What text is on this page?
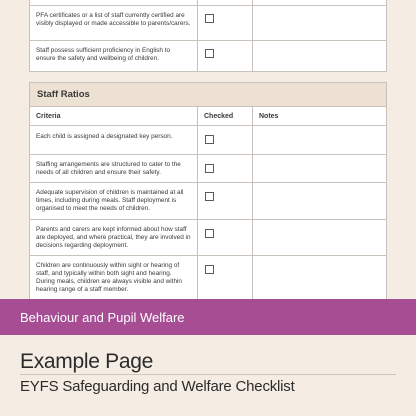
PFA certificates or a list of staff currently certified are visibly displayed or made accessible to parents/carers.
Staff possess sufficient proficiency in English to ensure the safety and wellbeing of children.
Staff Ratios
Criteria	Checked	Notes
Each child is assigned a designated key person.
Staffing arrangements are structured to cater to the needs of all children and ensure their safety.
Adequate supervision of children is maintained at all times, including during meals. Staff deployment is organised to meet the needs of children.
Parents and carers are kept informed about how staff are deployed, and where practical, they are involved in decisions regarding deployment.
Children are continuously within sight or hearing of staff, and typically within both sight and hearing. During meals, children are always visible and within hearing range of a staff member.
Behaviour and Pupil Welfare
Example Page
EYFS Safeguarding and Welfare Checklist
